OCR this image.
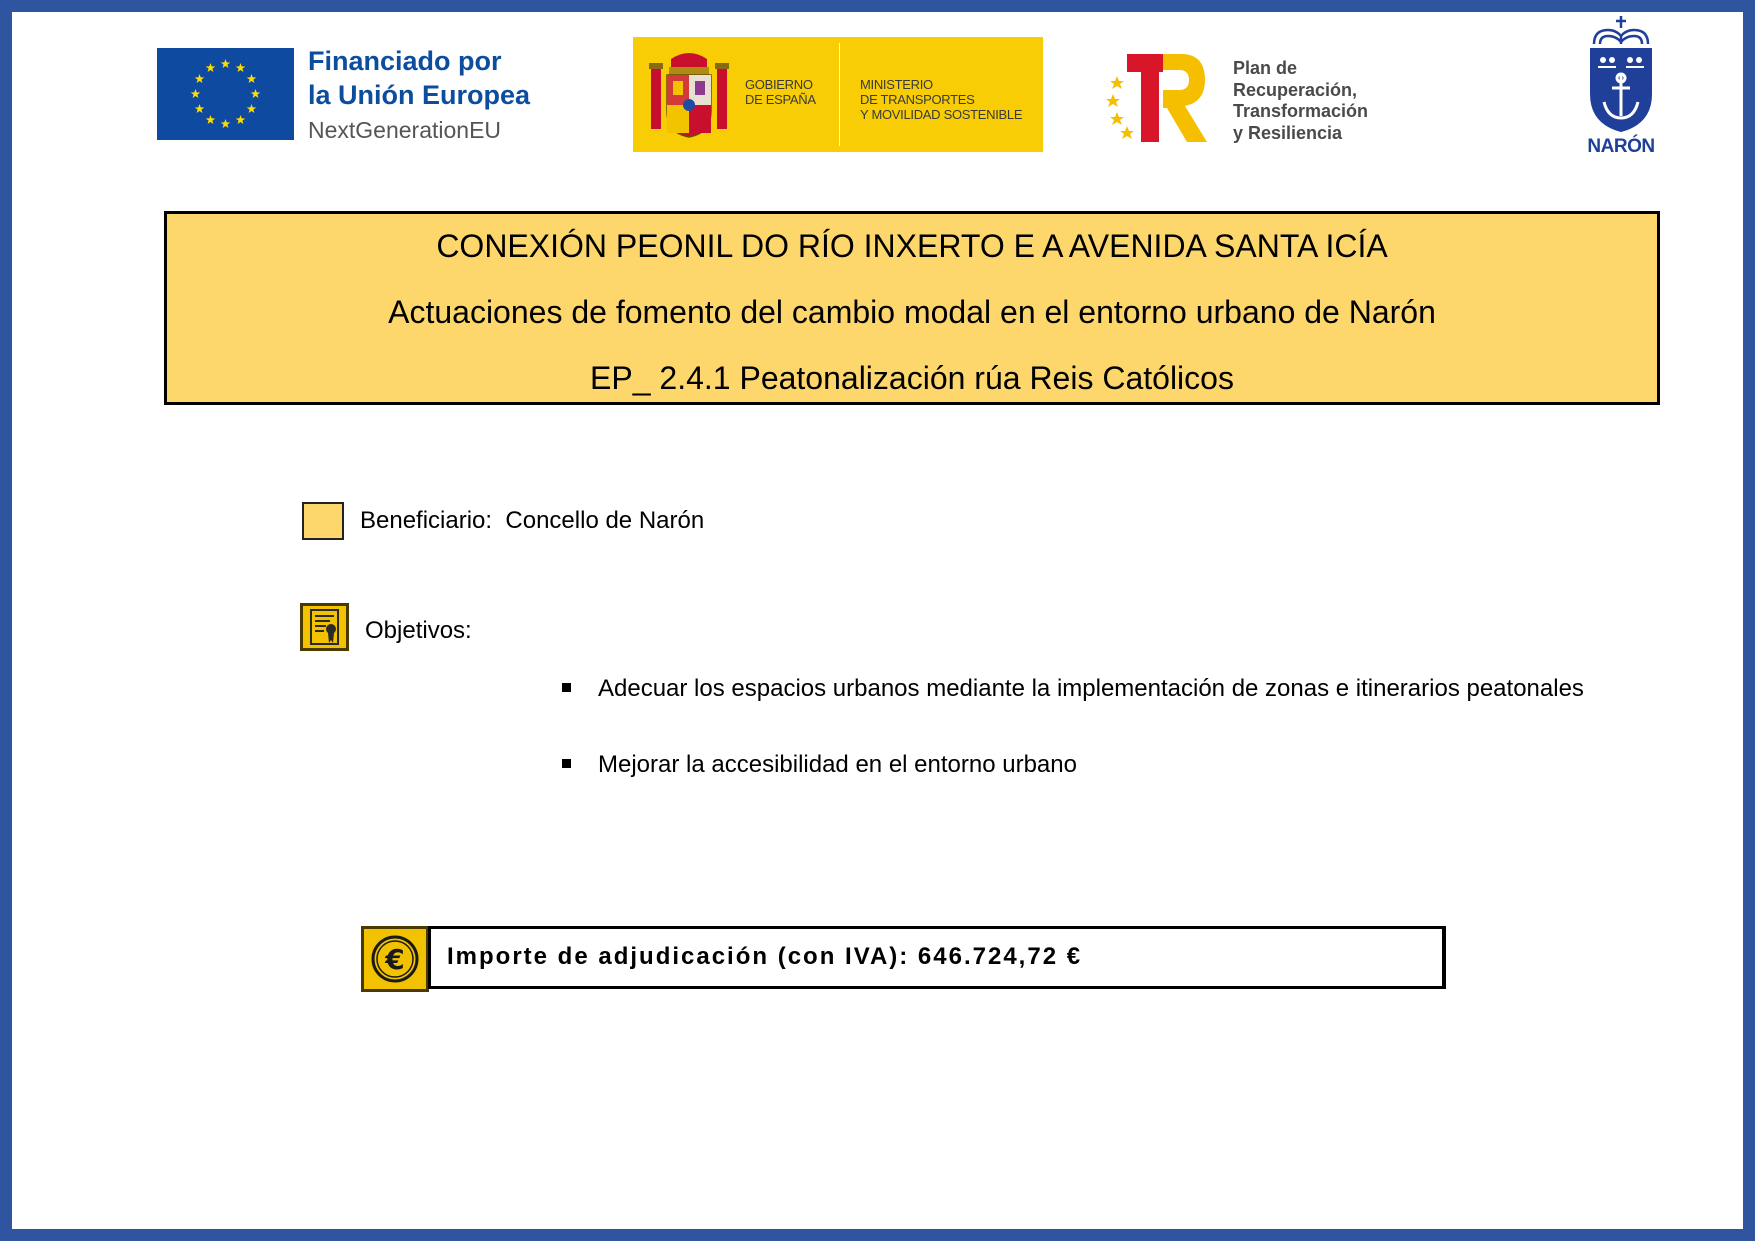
Financiado por
la Unión Europea
NextGenerationEU
GOBIERNO
DE ESPAÑA
MINISTERIO
DE TRANSPORTES
Y MOVILIDAD SOSTENIBLE
Plan de
Recuperación,
Transformación
y Resiliencia
NARÓN
CONEXIÓN PEONIL DO RÍO INXERTO E A AVENIDA SANTA ICÍA
Actuaciones de fomento del cambio modal en el entorno urbano de Narón
EP_ 2.4.1 Peatonalización rúa Reis Católicos
Beneficiario:  Concello de Narón
Objetivos:
Adecuar los espacios urbanos mediante la implementación de zonas e itinerarios peatonales
Mejorar la accesibilidad en el entorno urbano
€ Importe de adjudicación (con IVA): 646.724,72 €
